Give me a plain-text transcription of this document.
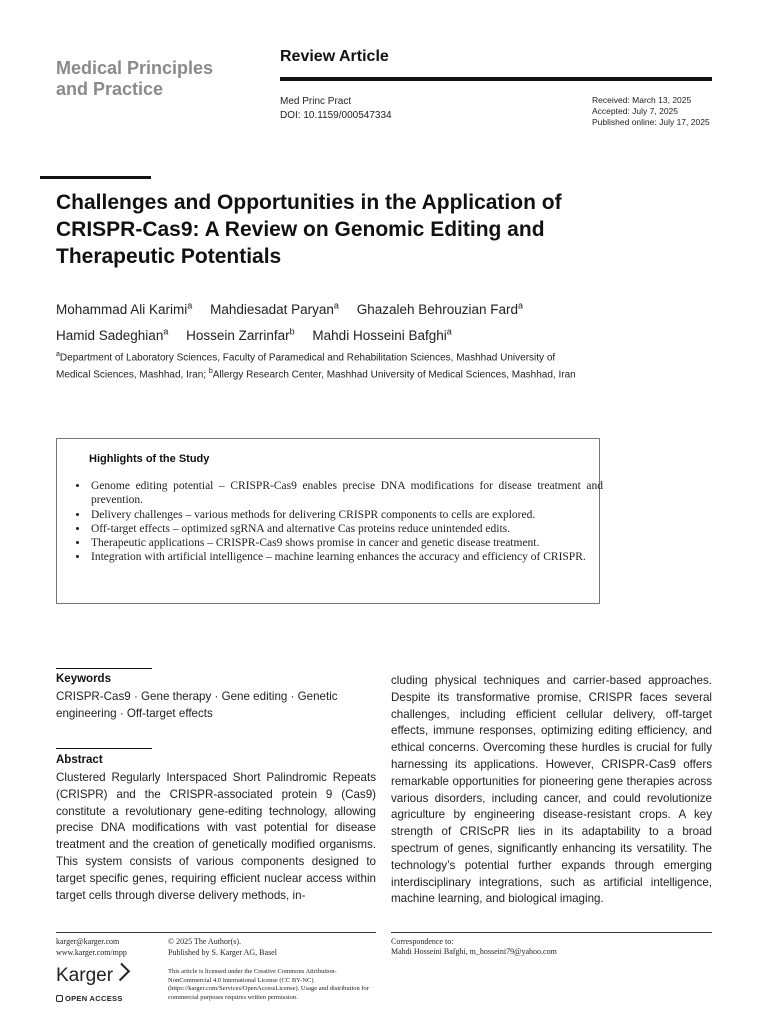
Medical Principles
and Practice
Review Article
Med Princ Pract
DOI: 10.1159/000547334
Received: March 13, 2025
Accepted: July 7, 2025
Published online: July 17, 2025
Challenges and Opportunities in the Application of CRISPR-Cas9: A Review on Genomic Editing and Therapeutic Potentials
Mohammad Ali Karimi$^a$ Mahdiesadat Paryan$^a$ Ghazaleh Behrouzian Fard$^a$
Hamid Sadeghian$^a$ Hossein Zarrinfar$^b$ Mahdi Hosseini Bafghi$^a$
$^a$Department of Laboratory Sciences, Faculty of Paramedical and Rehabilitation Sciences, Mashhad University of Medical Sciences, Mashhad, Iran; $^b$Allergy Research Center, Mashhad University of Medical Sciences, Mashhad, Iran
Highlights of the Study
• Genome editing potential – CRISPR-Cas9 enables precise DNA modifications for disease treatment and prevention.
• Delivery challenges – various methods for delivering CRISPR components to cells are explored.
• Off-target effects – optimized sgRNA and alternative Cas proteins reduce unintended edits.
• Therapeutic applications – CRISPR-Cas9 shows promise in cancer and genetic disease treatment.
• Integration with artificial intelligence – machine learning enhances the accuracy and efficiency of CRISPR.
Keywords
CRISPR-Cas9 · Gene therapy · Gene editing · Genetic engineering · Off-target effects
Abstract
Clustered Regularly Interspaced Short Palindromic Repeats (CRISPR) and the CRISPR-associated protein 9 (Cas9) constitute a revolutionary gene-editing technology, allowing precise DNA modifications with vast potential for disease treatment and the creation of genetically modified organisms. This system consists of various components designed to target specific genes, requiring efficient nuclear access within target cells through diverse delivery methods, in-
cluding physical techniques and carrier-based approaches. Despite its transformative promise, CRISPR faces several challenges, including efficient cellular delivery, off-target effects, immune responses, optimizing editing efficiency, and ethical concerns. Overcoming these hurdles is crucial for fully harnessing its applications. However, CRISPR-Cas9 offers remarkable opportunities for pioneering gene therapies across various disorders, including cancer, and could revolutionize agriculture by engineering disease-resistant crops. A key strength of CRIScPR lies in its adaptability to a broad spectrum of genes, significantly enhancing its versatility. The technology’s potential further expands through emerging interdisciplinary integrations, such as artificial intelligence, machine learning, and biological imaging.
karger@karger.com
www.karger.com/mpp
© 2025 The Author(s).
Published by S. Karger AG, Basel
This article is licensed under the Creative Commons Attribution-NonCommercial 4.0 International License (CC BY-NC) (https://karger.com/Services/OpenAccessLicense). Usage and distribution for commercial purposes requires written permission.
Correspondence to:
Mahdi Hosseini Bafghi, m_hosseini79@yahoo.com
Karger
OPEN ACCESS
